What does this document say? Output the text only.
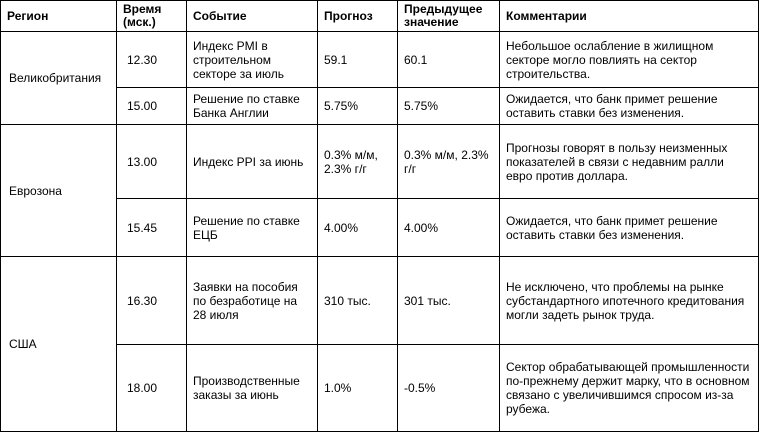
Регион	Время (мск.)	Событие	Прогноз	Предыдущее значение	Комментарии
Великобритания	12.30	Индекс PMI в строительном секторе за июль	59.1	60.1	Небольшое ослабление в жилищном секторе могло повлиять на сектор строительства.
	15.00	Решение по ставке Банка Англии	5.75%	5.75%	Ожидается, что банк примет решение оставить ставки без изменения.
Еврозона	13.00	Индекс PPI за июнь	0.3% м/м, 2.3% г/г	0.3% м/м, 2.3% г/г	Прогнозы говорят в пользу неизменных показателей в связи с недавним ралли евро против доллара.
	15.45	Решение по ставке ЕЦБ	4.00%	4.00%	Ожидается, что банк примет решение оставить ставки без изменения.
США	16.30	Заявки на пособия по безработице на 28 июля	310 тыс.	301 тыс.	Не исключено, что проблемы на рынке субстандартного ипотечного кредитования могли задеть рынок труда.
	18.00	Производственные заказы за июнь	1.0%	-0.5%	Сектор обрабатывающей промышленности по-прежнему держит марку, что в основном связано с увеличившимся спросом из-за рубежа.
